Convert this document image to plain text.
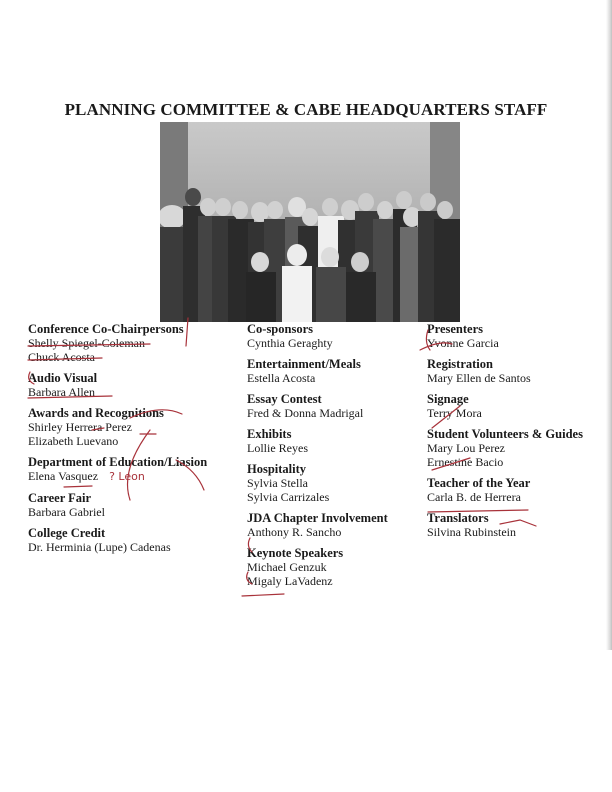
PLANNING COMMITTEE & CABE HEADQUARTERS STAFF
Conference Co-Chairpersons
Shelly Spiegel-Coleman
Chuck Acosta
Audio Visual
Barbara Allen
Awards and Recognitions
Shirley Herrera Perez
Elizabeth Luevano
Department of Education/Liasion
Elena Vasquez ? Leon
Career Fair
Barbara Gabriel
College Credit
Dr. Herminia (Lupe) Cadenas
Co-sponsors
Cynthia Geraghty
Entertainment/Meals
Estella Acosta
Essay Contest
Fred & Donna Madrigal
Exhibits
Lollie Reyes
Hospitality
Sylvia Stella
Sylvia Carrizales
JDA Chapter Involvement
Anthony R. Sancho
Keynote Speakers
Michael Genzuk
Migaly LaVadenz
Presenters
Yvonne Garcia
Registration
Mary Ellen de Santos
Signage
Terry Mora
Student Volunteers & Guides
Mary Lou Perez
Ernestine Bacio
Teacher of the Year
Carla B. de Herrera
Translators
Silvina Rubinstein
